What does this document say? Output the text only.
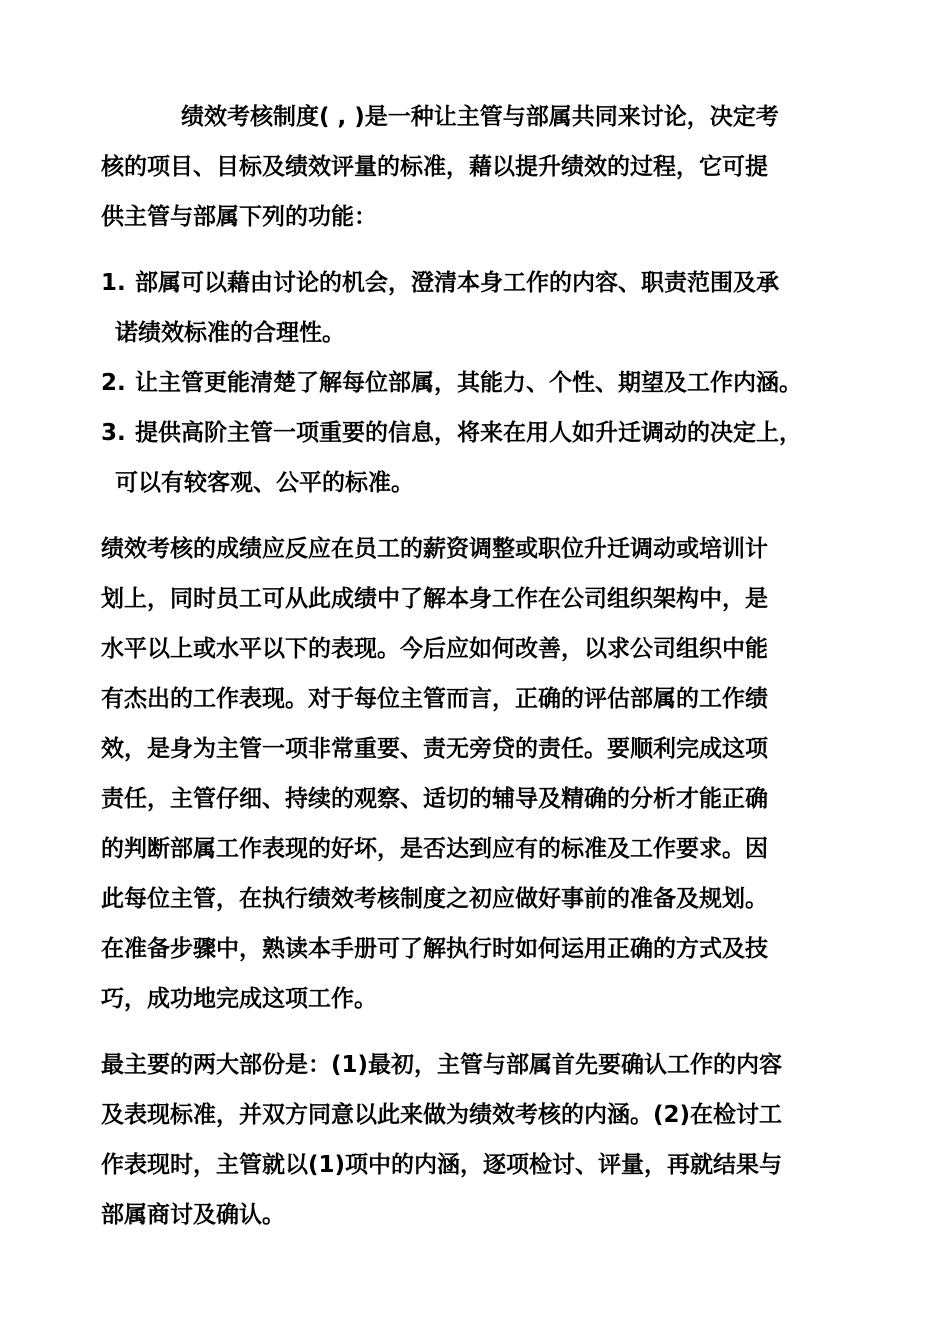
绩效考核制度( , )是一种让主管与部属共同来讨论，决定考
核的项目、目标及绩效评量的标准，藉以提升绩效的过程，它可提
供主管与部属下列的功能：
1. 部属可以藉由讨论的机会，澄清本身工作的内容、职责范围及承
诺绩效标准的合理性。
2. 让主管更能清楚了解每位部属，其能力、个性、期望及工作内涵。
3. 提供高阶主管一项重要的信息，将来在用人如升迁调动的决定上，
可以有较客观、公平的标准。
绩效考核的成绩应反应在员工的薪资调整或职位升迁调动或培训计
划上，同时员工可从此成绩中了解本身工作在公司组织架构中，是
水平以上或水平以下的表现。今后应如何改善，以求公司组织中能
有杰出的工作表现。对于每位主管而言，正确的评估部属的工作绩
效，是身为主管一项非常重要、责无旁贷的责任。要顺利完成这项
责任，主管仔细、持续的观察、适切的辅导及精确的分析才能正确
的判断部属工作表现的好坏，是否达到应有的标准及工作要求。因
此每位主管，在执行绩效考核制度之初应做好事前的准备及规划。
在准备步骤中，熟读本手册可了解执行时如何运用正确的方式及技
巧，成功地完成这项工作。
最主要的两大部份是：(1)最初，主管与部属首先要确认工作的内容
及表现标准，并双方同意以此来做为绩效考核的内涵。(2)在检讨工
作表现时，主管就以(1)项中的内涵，逐项检讨、评量，再就结果与
部属商讨及确认。
